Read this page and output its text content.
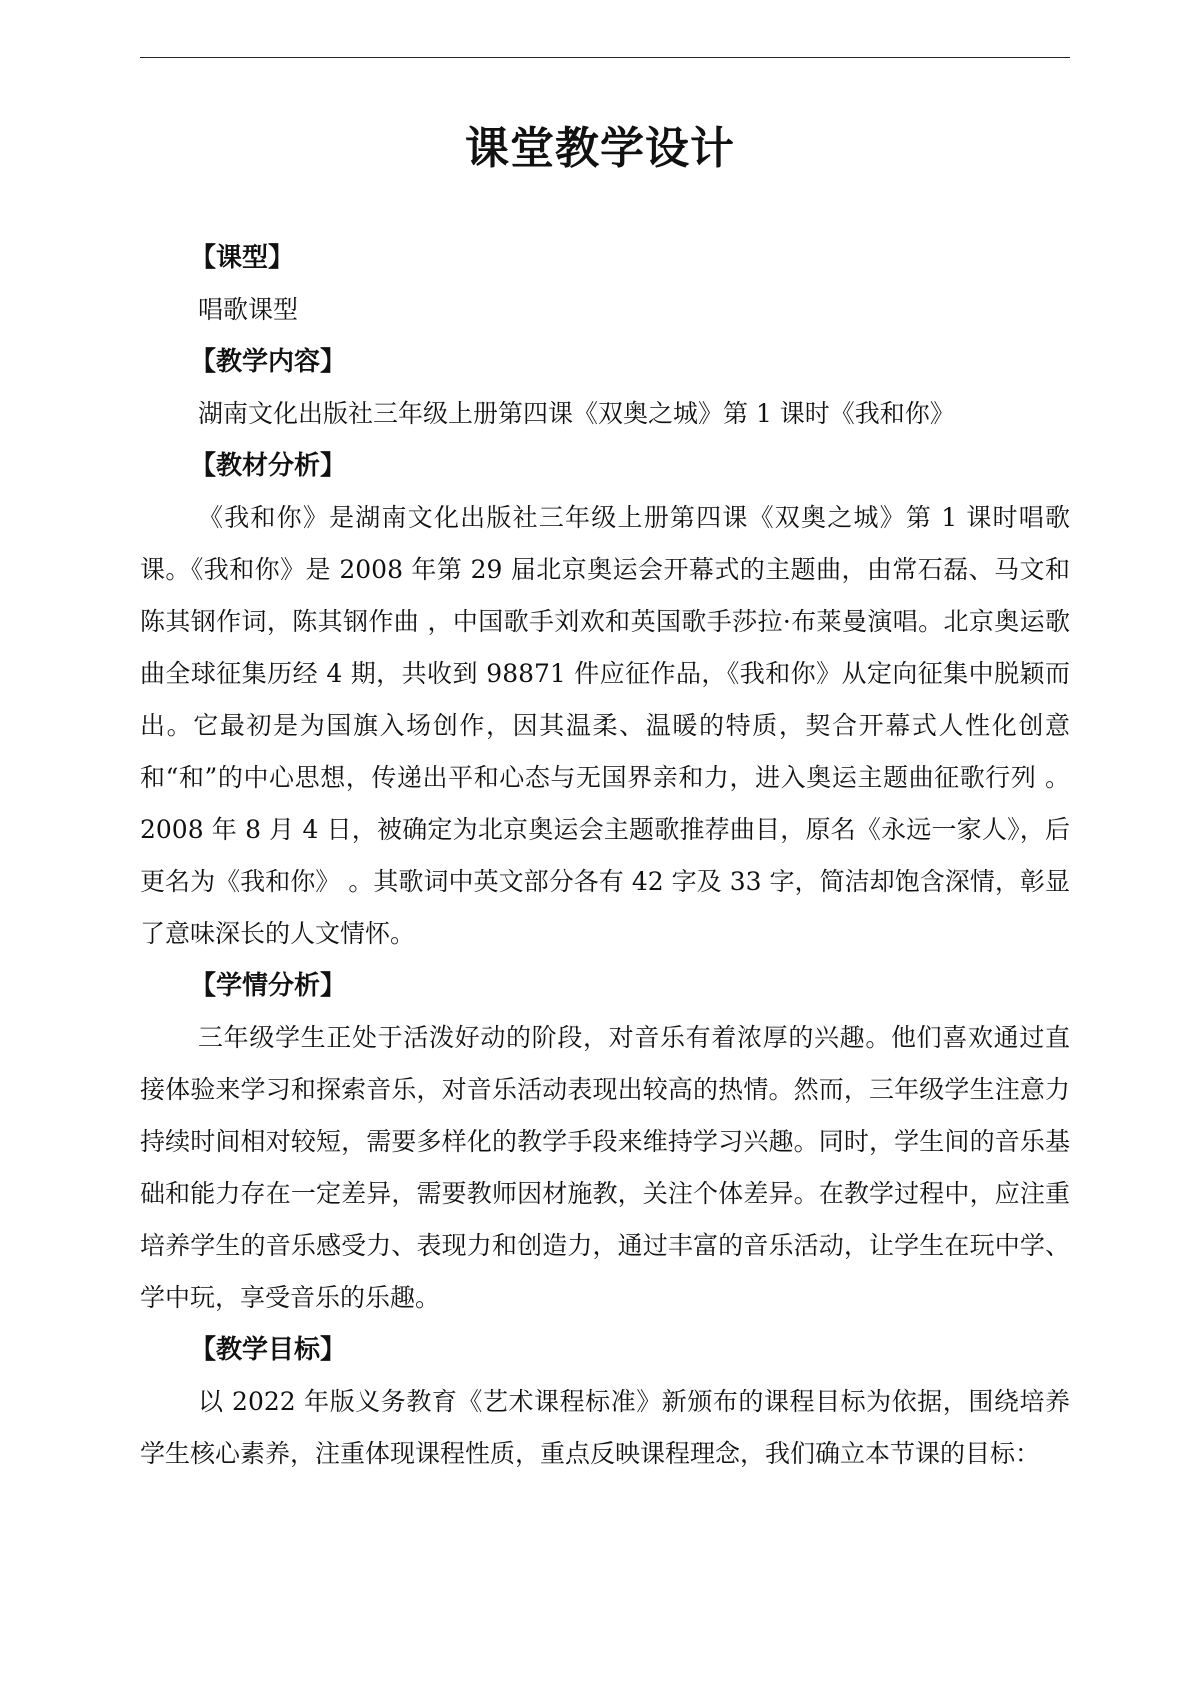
课堂教学设计
【课型】
唱歌课型
【教学内容】
湖南文化出版社三年级上册第四课《双奥之城》第 1 课时《我和你》
【教材分析】

《我和你》是湖南文化出版社三年级上册第四课《双奥之城》第 1 课时唱歌课。《我和你》是 2008 年第 29 届北京奥运会开幕式的主题曲，由常石磊、马文和陈其钢作词，陈其钢作曲 ，中国歌手刘欢和英国歌手莎拉·布莱曼演唱。北京奥运歌曲全球征集历经 4 期，共收到 98871 件应征作品，《我和你》从定向征集中脱颖而出。它最初是为国旗入场创作，因其温柔、温暖的特质，契合开幕式人性化创意和“和”的中心思想，传递出平和心态与无国界亲和力，进入奥运主题曲征歌行列 。2008 年 8 月 4 日，被确定为北京奥运会主题歌推荐曲目，原名《永远一家人》，后更名为《我和你》 。其歌词中英文部分各有 42 字及 33 字，简洁却饱含深情，彰显了意味深长的人文情怀。

【学情分析】

三年级学生正处于活泼好动的阶段，对音乐有着浓厚的兴趣。他们喜欢通过直接体验来学习和探索音乐，对音乐活动表现出较高的热情。然而，三年级学生注意力持续时间相对较短，需要多样化的教学手段来维持学习兴趣。同时，学生间的音乐基础和能力存在一定差异，需要教师因材施教，关注个体差异。在教学过程中，应注重培养学生的音乐感受力、表现力和创造力，通过丰富的音乐活动，让学生在玩中学、学中玩，享受音乐的乐趣。

【教学目标】

以 2022 年版义务教育《艺术课程标准》新颁布的课程目标为依据，围绕培养学生核心素养，注重体现课程性质，重点反映课程理念，我们确立本节课的目标：
